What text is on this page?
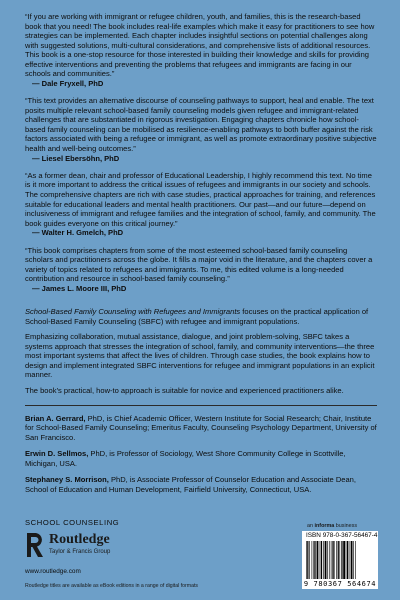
“If you are working with immigrant or refugee children, youth, and families, this is the research-based book that you need! The book includes real-life examples which make it easy for practitioners to see how strategies can be implemented. Each chapter includes insightful sections on potential challenges along with suggested solutions, multi-cultural considerations, and comprehensive lists of additional resources. This book is a one-stop resource for those interested in building their knowledge and skills for providing effective interventions and preventing the problems that refugees and immigrants are facing in our schools and communities.”

— Dale Fryxell, PhD

“This text provides an alternative discourse of counseling pathways to support, heal and enable. The text posits multiple relevant school-based family counseling models given refugee and immigrant-related challenges that are substantiated in rigorous investigation. Engaging chapters chronicle how school-based family counseling can be mobilised as resilience-enabling pathways to both buffer against the risk factors associated with being a refugee or immigrant, as well as promote extraordinary positive subjective health and well-being outcomes.”

— Liesel Ebersöhn, PhD

“As a former dean, chair and professor of Educational Leadership, I highly recommend this text. No time is it more important to address the critical issues of refugees and immigrants in our society and schools. The comprehensive chapters are rich with case studies, practical approaches for training, and references suitable for educational leaders and mental health practitioners. Our past—and our future—depend on inclusiveness of immigrant and refugee families and the integration of school, family, and community. The book guides everyone on this critical journey.”

— Walter H. Gmelch, PhD

“This book comprises chapters from some of the most esteemed school-based family counseling scholars and practitioners across the globe. It fills a major void in the literature, and the chapters cover a variety of topics related to refugees and immigrants. To me, this edited volume is a long-needed contribution and resource in school-based family counseling.”

— James L. Moore III, PhD

School-Based Family Counseling with Refugees and Immigrants focuses on the practical application of School-Based Family Counseling (SBFC) with refugee and immigrant populations.

Emphasizing collaboration, mutual assistance, dialogue, and joint problem-solving, SBFC takes a systems approach that stresses the integration of school, family, and community interventions—the three most important systems that affect the lives of children. Through case studies, the book explains how to design and implement integrated SBFC interventions for refugee and immigrant populations in an explicit manner.

The book’s practical, how-to approach is suitable for novice and experienced practitioners alike.

Brian A. Gerrard, PhD, is Chief Academic Officer, Western Institute for Social Research; Chair, Institute for School-Based Family Counseling; Emeritus Faculty, Counseling Psychology Department, University of San Francisco.

Erwin D. Sellmos, PhD, is Professor of Sociology, West Shore Community College in Scottville, Michigan, USA.

Stephaney S. Morrison, PhD, is Associate Professor of Counselor Education and Associate Dean, School of Education and Human Development, Fairfield University, Connecticut, USA.

SCHOOL COUNSELING

Routledge
Taylor & Francis Group

www.routledge.com

Routledge titles are available as eBook editions in a range of digital formats

an informa business

ISBN 978-0-367-56467-4

9 780367 564674
